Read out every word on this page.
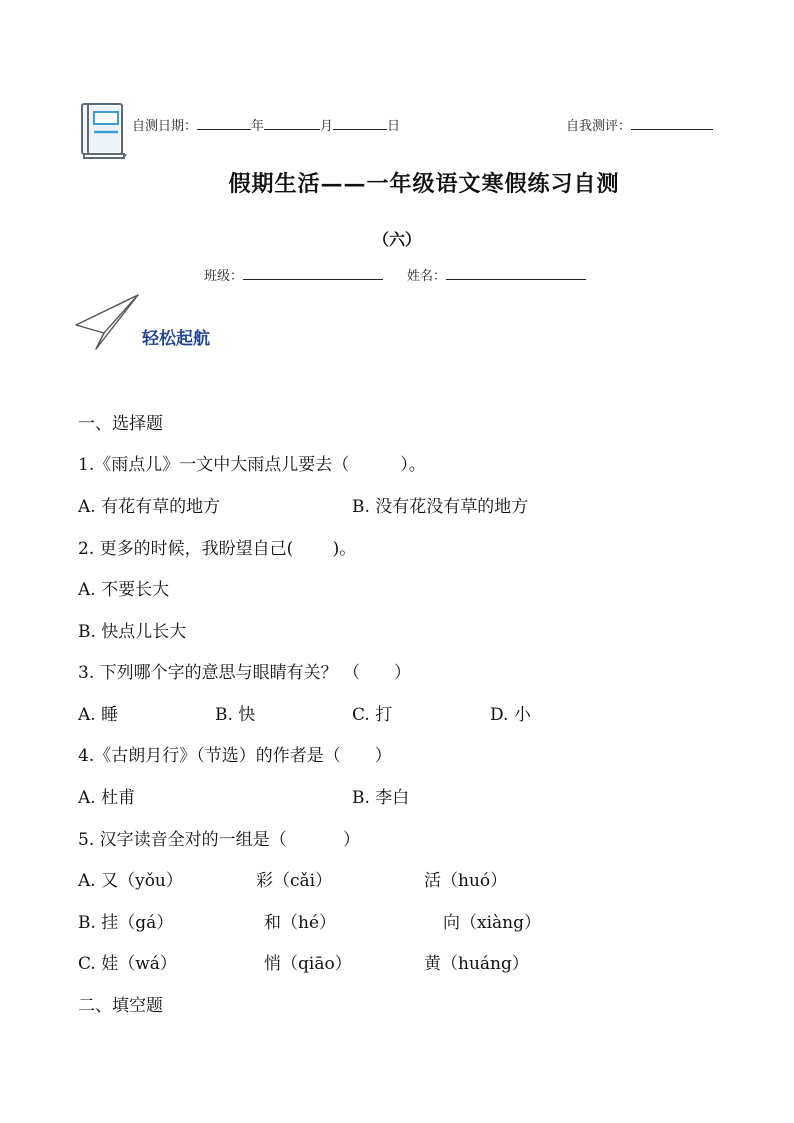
自测日期：	年	月	日	自我测评：
假期生活——一年级语文寒假练习自测
（六）
班级：	姓名：
轻松起航
一、选择题
1.《雨点儿》一文中大雨点儿要去（　　　）。
A. 有花有草的地方	B. 没有花没有草的地方
2. 更多的时候，我盼望自己(　　 )。
A. 不要长大
B. 快点儿长大
3. 下列哪个字的意思与眼睛有关？ （　　）
A. 睡	B. 快	C. 打	D. 小
4.《古朗月行》（节选）的作者是（　　）
A. 杜甫	B. 李白
5. 汉字读音全对的一组是（　　　 ）
A. 又（yǒu）	彩（cǎi）	活（huó）
B. 挂（gá）	和（hé）	向（xiàng）
C. 娃（wá）	悄（qiāo）	黄（huáng）
二、填空题
